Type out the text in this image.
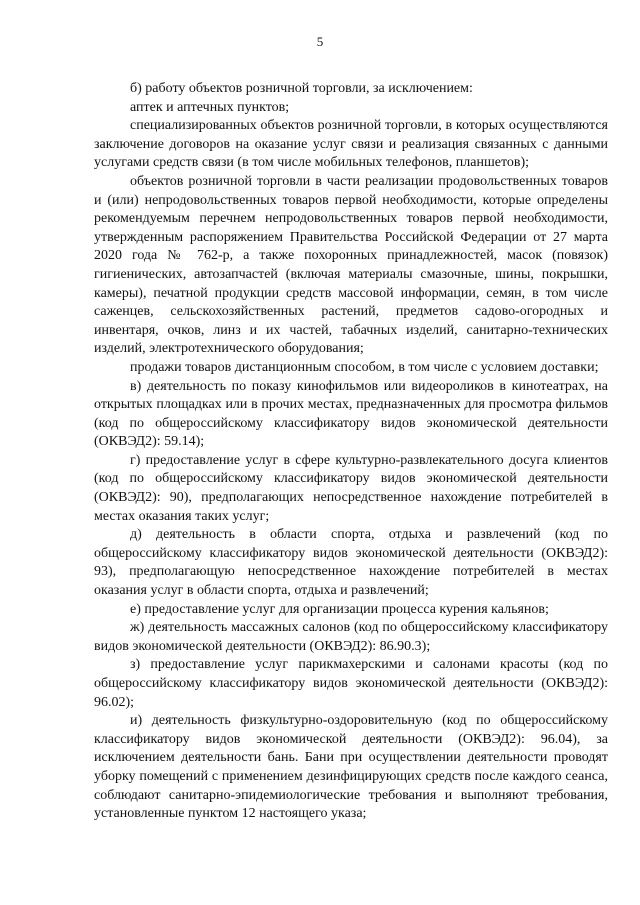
5

б) работу объектов розничной торговли, за исключением:

аптек и аптечных пунктов;

специализированных объектов розничной торговли, в которых осуществляются заключение договоров на оказание услуг связи и реализация связанных с данными услугами средств связи (в том числе мобильных телефонов, планшетов);

объектов розничной торговли в части реализации продовольственных товаров и (или) непродовольственных товаров первой необходимости, которые определены рекомендуемым перечнем непродовольственных товаров первой необходимости, утвержденным распоряжением Правительства Российской Федерации от 27 марта 2020 года № 762-р, а также похоронных принадлежностей, масок (повязок) гигиенических, автозапчастей (включая материалы смазочные, шины, покрышки, камеры), печатной продукции средств массовой информации, семян, в том числе саженцев, сельскохозяйственных растений, предметов садово-огородных и инвентаря, очков, линз и их частей, табачных изделий, санитарно-технических изделий, электротехнического оборудования;

продажи товаров дистанционным способом, в том числе с условием доставки;

в) деятельность по показу кинофильмов или видеороликов в кинотеатрах, на открытых площадках или в прочих местах, предназначенных для просмотра фильмов (код по общероссийскому классификатору видов экономической деятельности (ОКВЭД2): 59.14);

г) предоставление услуг в сфере культурно-развлекательного досуга клиентов (код по общероссийскому классификатору видов экономической деятельности (ОКВЭД2): 90), предполагающих непосредственное нахождение потребителей в местах оказания таких услуг;

д) деятельность в области спорта, отдыха и развлечений (код по общероссийскому классификатору видов экономической деятельности (ОКВЭД2): 93), предполагающую непосредственное нахождение потребителей в местах оказания услуг в области спорта, отдыха и развлечений;

е) предоставление услуг для организации процесса курения кальянов;

ж) деятельность массажных салонов (код по общероссийскому классификатору видов экономической деятельности (ОКВЭД2): 86.90.3);

з) предоставление услуг парикмахерскими и салонами красоты (код по общероссийскому классификатору видов экономической деятельности (ОКВЭД2): 96.02);

и) деятельность физкультурно-оздоровительную (код по общероссийскому классификатору видов экономической деятельности (ОКВЭД2): 96.04), за исключением деятельности бань. Бани при осуществлении деятельности проводят уборку помещений с применением дезинфицирующих средств после каждого сеанса, соблюдают санитарно-эпидемиологические требования и выполняют требования, установленные пунктом 12 настоящего указа;
